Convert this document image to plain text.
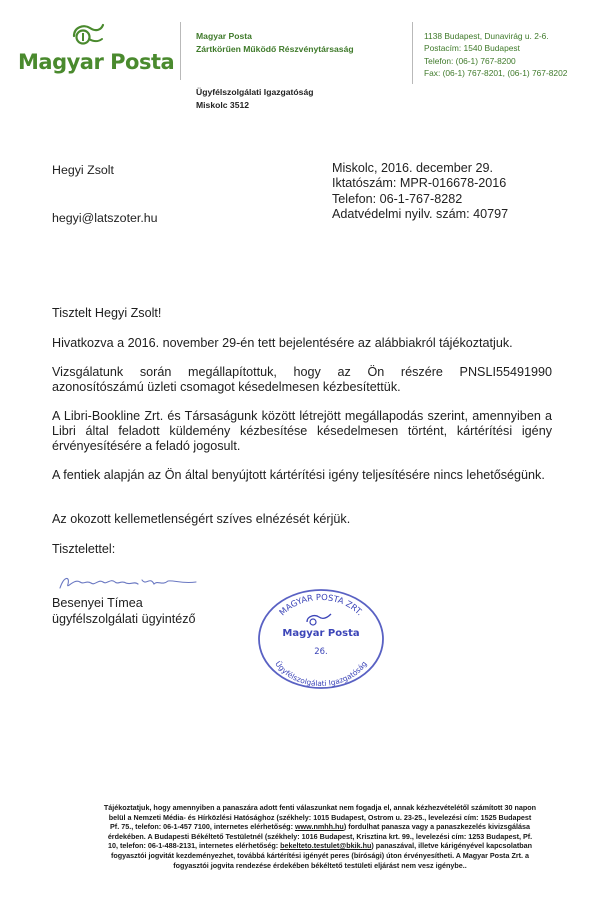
Magyar Posta
Magyar Posta
Zártkörűen Működő Részvénytársaság
1138 Budapest, Dunavirág u. 2-6.
Postacím: 1540 Budapest
Telefon: (06-1) 767-8200
Fax: (06-1) 767-8201, (06-1) 767-8202
Ügyfélszolgálati Igazgatóság
Miskolc 3512
Hegyi Zsolt
hegyi@latszoter.hu
Miskolc, 2016. december 29.
Iktatószám: MPR-016678-2016
Telefon: 06-1-767-8282
Adatvédelmi nyilv. szám: 40797

Tisztelt Hegyi Zsolt!

Hivatkozva a 2016. november 29-én tett bejelentésére az alábbiakról tájékoztatjuk.

Vizsgálatunk során megállapítottuk, hogy az Ön részére PNSLI55491990 azonosítószámú üzleti csomagot késedelmesen kézbesítettük.

A Libri-Bookline Zrt. és Társaságunk között létrejött megállapodás szerint, amennyiben a Libri által feladott küldemény kézbesítése késedelmesen történt, kártérítési igény érvényesítésére a feladó jogosult.

A fentiek alapján az Ön által benyújtott kártérítési igény teljesítésére nincs lehetőségünk.

Az okozott kellemetlenségért szíves elnézését kérjük.

Tisztelettel:

Besenyei Tímea
ügyfélszolgálati ügyintéző
MAGYAR POSTA ZRT.
Ügyfélszolgálati Igazgatóság
Magyar Posta
26.
Tájékoztatjuk, hogy amennyiben a panaszára adott fenti válaszunkat nem fogadja el, annak kézhezvételétől számított 30 napon
belül a Nemzeti Média- és Hírközlési Hatósághoz (székhely: 1015 Budapest, Ostrom u. 23-25., levelezési cím: 1525 Budapest
Pf. 75., telefon: 06-1-457 7100, internetes elérhetőség: www.nmhh.hu) fordulhat panasza vagy a panaszkezelés kivizsgálása
érdekében. A Budapesti Békéltető Testületnél (székhely: 1016 Budapest, Krisztina krt. 99., levelezési cím: 1253 Budapest, Pf.
10, telefon: 06-1-488-2131, internetes elérhetőség: bekelteto.testulet@bkik.hu) panaszával, illetve kárigényével kapcsolatban
fogyasztói jogvitát kezdeményezhet, továbbá kártérítési igényét peres (bírósági) úton érvényesítheti. A Magyar Posta Zrt. a
fogyasztói jogvita rendezése érdekében békéltető testületi eljárást nem vesz igénybe..
